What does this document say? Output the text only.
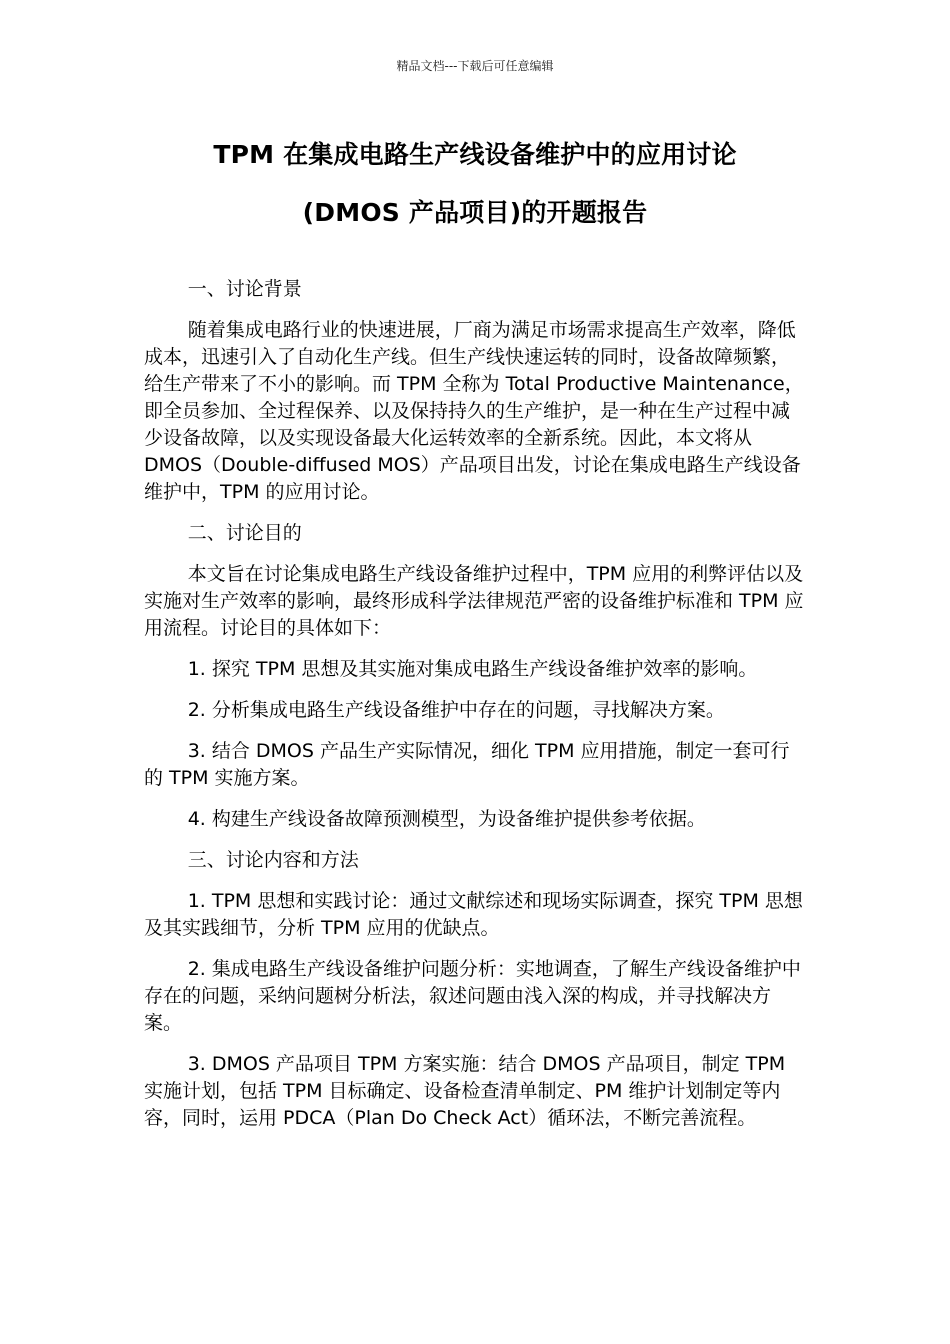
精品文档---下载后可任意编辑
TPM 在集成电路生产线设备维护中的应用讨论
(DMOS 产品项目)的开题报告

一、讨论背景

随着集成电路行业的快速进展，厂商为满足市场需求提高生产效率，降低成本，迅速引入了自动化生产线。但生产线快速运转的同时，设备故障频繁，给生产带来了不小的影响。而 TPM 全称为 Total Productive Maintenance，即全员参加、全过程保养、以及保持持久的生产维护，是一种在生产过程中减少设备故障，以及实现设备最大化运转效率的全新系统。因此，本文将从 DMOS（Double-diffused MOS）产品项目出发，讨论在集成电路生产线设备维护中，TPM 的应用讨论。

二、讨论目的

本文旨在讨论集成电路生产线设备维护过程中，TPM 应用的利弊评估以及实施对生产效率的影响，最终形成科学法律规范严密的设备维护标准和 TPM 应用流程。讨论目的具体如下：

1. 探究 TPM 思想及其实施对集成电路生产线设备维护效率的影响。

2. 分析集成电路生产线设备维护中存在的问题，寻找解决方案。

3. 结合 DMOS 产品生产实际情况，细化 TPM 应用措施，制定一套可行的 TPM 实施方案。

4. 构建生产线设备故障预测模型，为设备维护提供参考依据。

三、讨论内容和方法

1. TPM 思想和实践讨论：通过文献综述和现场实际调查，探究 TPM 思想及其实践细节，分析 TPM 应用的优缺点。

2. 集成电路生产线设备维护问题分析：实地调查，了解生产线设备维护中存在的问题，采纳问题树分析法，叙述问题由浅入深的构成，并寻找解决方案。

3. DMOS 产品项目 TPM 方案实施：结合 DMOS 产品项目，制定 TPM 实施计划，包括 TPM 目标确定、设备检查清单制定、PM 维护计划制定等内容，同时，运用 PDCA（Plan Do Check Act）循环法，不断完善流程。
